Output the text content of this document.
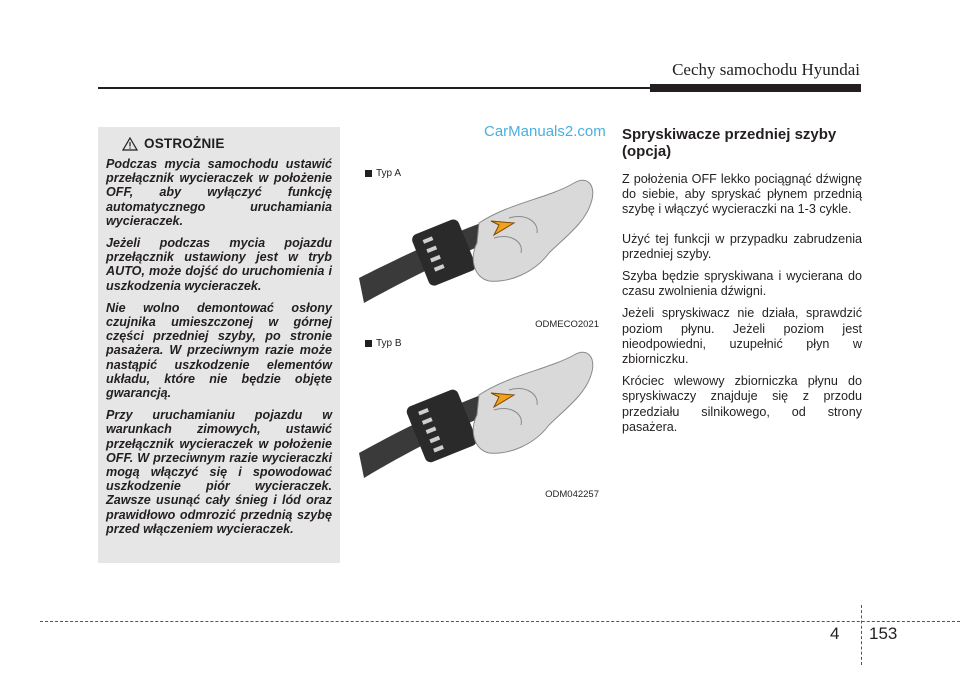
Cechy samochodu Hyundai
OSTROŻNIE

Podczas mycia samochodu ustawić przełącznik wycieraczek w położenie OFF, aby wyłączyć funkcję automatycznego uruchamiania wycieraczek.

Jeżeli podczas mycia pojazdu przełącznik ustawiony jest w tryb AUTO, może dojść do uruchomienia i uszkodzenia wycieraczek.

Nie wolno demontować osłony czujnika umieszczonej w górnej części przedniej szyby, po stronie pasażera. W przeciwnym razie może nastąpić uszkodzenie elementów układu, które nie będzie objęte gwarancją.

Przy uruchamianiu pojazdu w warunkach zimowych, ustawić przełącznik wycieraczek w położenie OFF. W przeciwnym razie wycieraczki mogą włączyć się i spowodować uszkodzenie piór wycieraczek. Zawsze usunąć cały śnieg i lód oraz prawidłowo odmrozić przednią szybę przed włączeniem wycieraczek.

CarManuals2.com
Typ A
ODMECO2021
Typ B
ODM042257
Spryskiwacze przedniej szyby (opcja)

Z położenia OFF lekko pociągnąć dźwignę do siebie, aby spryskać płynem przednią szybę i włączyć wycieraczki na 1-3 cykle.

Użyć tej funkcji w przypadku zabrudzenia przedniej szyby.

Szyba będzie spryskiwana i wycierana do czasu zwolnienia dźwigni.

Jeżeli spryskiwacz nie działa, sprawdzić poziom płynu. Jeżeli poziom jest nieodpowiedni, uzupełnić płyn w zbiorniczku.

Króciec wlewowy zbiorniczka płynu do spryskiwaczy znajduje się z przodu przedziału silnikowego, od strony pasażera.

4 153
